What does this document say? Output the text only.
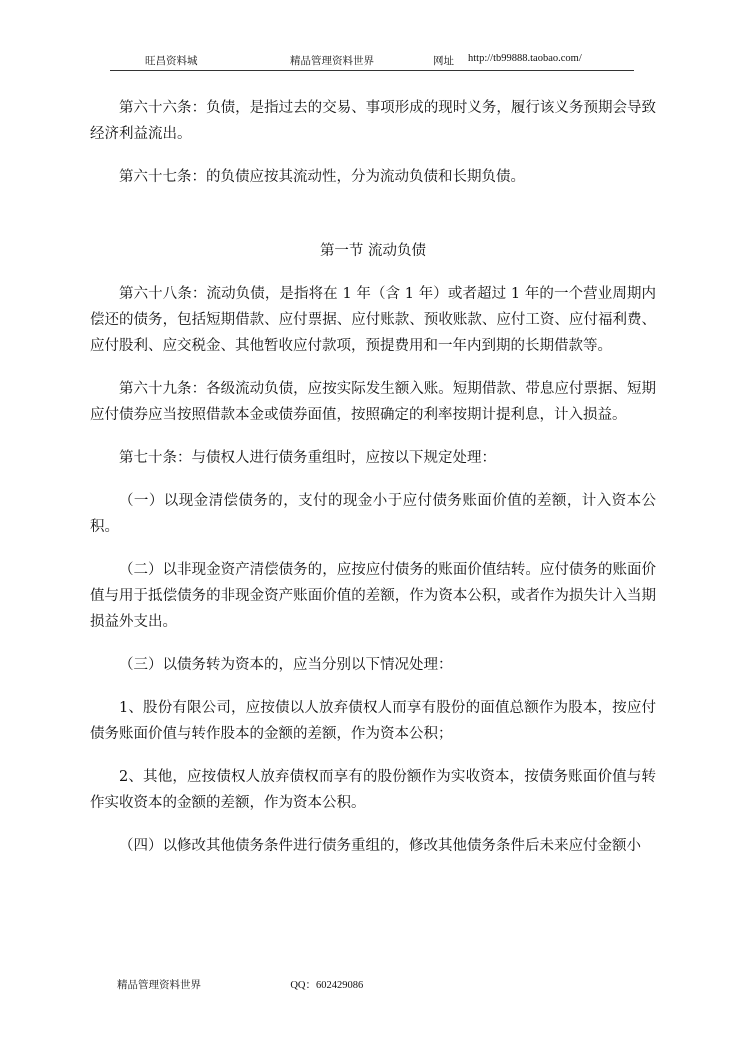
旺昌资料城	精品管理资料世界	网址 http://tb99888.taobao.com/

第六十六条：负债，是指过去的交易、事项形成的现时义务，履行该义务预期会导致经济利益流出。

第六十七条：的负债应按其流动性，分为流动负债和长期负债。

第一节 流动负债

第六十八条：流动负债，是指将在 1 年（含 1 年）或者超过 1 年的一个营业周期内偿还的债务，包括短期借款、应付票据、应付账款、预收账款、应付工资、应付福利费、应付股利、应交税金、其他暂收应付款项，预提费用和一年内到期的长期借款等。

第六十九条：各级流动负债，应按实际发生额入账。短期借款、带息应付票据、短期应付债券应当按照借款本金或债券面值，按照确定的利率按期计提利息，计入损益。

第七十条：与债权人进行债务重组时，应按以下规定处理：

（一）以现金清偿债务的，支付的现金小于应付债务账面价值的差额，计入资本公积。

（二）以非现金资产清偿债务的，应按应付债务的账面价值结转。应付债务的账面价值与用于抵偿债务的非现金资产账面价值的差额，作为资本公积，或者作为损失计入当期损益外支出。

（三）以债务转为资本的，应当分别以下情况处理：

1、股份有限公司，应按债以人放弃债权人而享有股份的面值总额作为股本，按应付债务账面价值与转作股本的金额的差额，作为资本公积；

2、其他，应按债权人放弃债权而享有的股份额作为实收资本，按债务账面价值与转作实收资本的金额的差额，作为资本公积。

（四）以修改其他债务条件进行债务重组的，修改其他债务条件后未来应付金额小

精品管理资料世界	QQ：602429086
